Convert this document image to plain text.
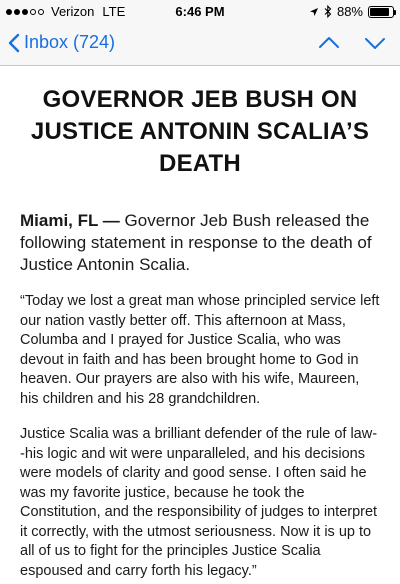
Verizon LTE	6:46 PM	88%
Inbox (724)
GOVERNOR JEB BUSH ON JUSTICE ANTONIN SCALIA’S DEATH

Miami, FL — Governor Jeb Bush released the following statement in response to the death of Justice Antonin Scalia.

“Today we lost a great man whose principled service left our nation vastly better off. This afternoon at Mass, Columba and I prayed for Justice Scalia, who was devout in faith and has been brought home to God in heaven. Our prayers are also with his wife, Maureen, his children and his 28 grandchildren.

Justice Scalia was a brilliant defender of the rule of law--his logic and wit were unparalleled, and his decisions were models of clarity and good sense. I often said he was my favorite justice, because he took the Constitution, and the responsibility of judges to interpret it correctly, with the utmost seriousness. Now it is up to all of us to fight for the principles Justice Scalia espoused and carry forth his legacy.”
